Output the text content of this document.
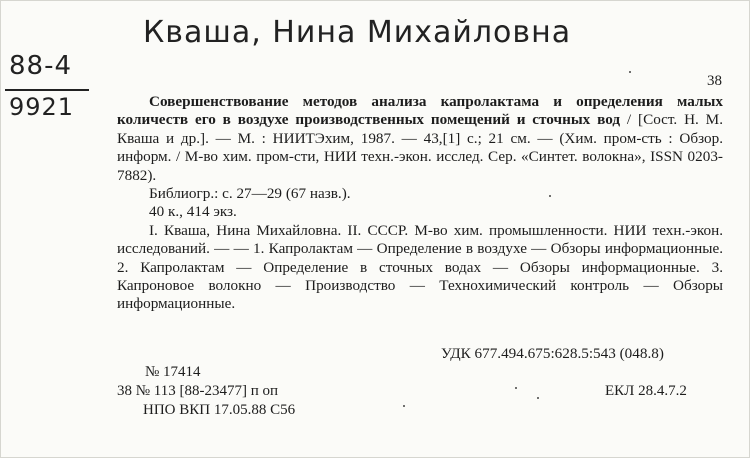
Кваша, Нина Михайловна
88-4
9921
38

Совершенствование методов анализа капролактама и определения малых количеств его в воздухе производственных помещений и сточных вод / [Сост. Н. М. Кваша и др.]. — М. : НИИТЭхим, 1987. — 43,[1] с.; 21 см. — (Хим. пром-сть : Обзор. информ. / М-во хим. пром-сти, НИИ техн.-экон. исслед. Сер. «Синтет. волокна», ISSN 0203-7882).

Библиогр.: с. 27—29 (67 назв.).

40 к., 414 экз.

I. Кваша, Нина Михайловна. II. СССР. М-во хим. промышленности. НИИ техн.-экон. исследований. — — 1. Капролактам — Определение в воздухе — Обзоры информационные. 2. Капролактам — Определение в сточных водах — Обзоры информационные. 3. Капроновое волокно — Производство — Технохимический контроль — Обзоры информационные.

УДК 677.494.675:628.5:543 (048.8)
№ 17414
38 № 113 [88-23477] п оп	ЕКЛ 28.4.7.2
НПО ВКП 17.05.88 С56
